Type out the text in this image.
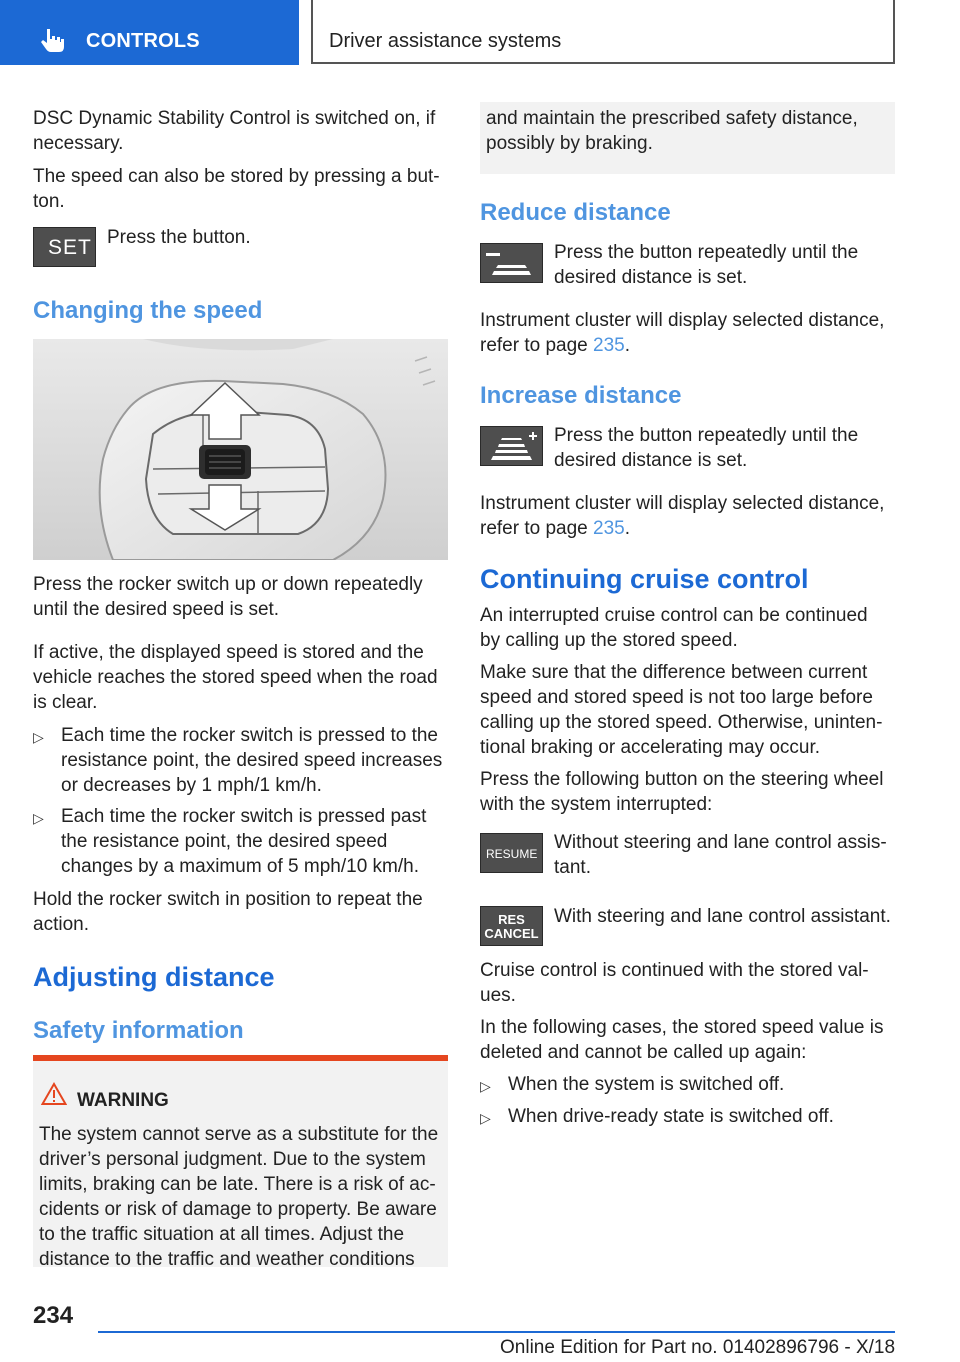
CONTROLS	Driver assistance systems

DSC Dynamic Stability Control is switched on, if necessary.

The speed can also be stored by pressing a but-

ton.

SET Press the button.

Changing the speed

Press the rocker switch up or down repeatedly

until the desired speed is set.

If active, the displayed speed is stored and the

vehicle reaches the stored speed when the road

is clear.

▷ Each time the rocker switch is pressed to the

resistance point, the desired speed increases

or decreases by 1 mph/1 km/h.

▷ Each time the rocker switch is pressed past

the resistance point, the desired speed

changes by a maximum of 5 mph/10 km/h.

Hold the rocker switch in position to repeat the

action.

Adjusting distance
Safety information
WARNING

The system cannot serve as a substitute for the

driver’s personal judgment. Due to the system

limits, braking can be late. There is a risk of ac-

cidents or risk of damage to property. Be aware

to the traffic situation at all times. Adjust the

distance to the traffic and weather conditions

and maintain the prescribed safety distance,

possibly by braking.

Reduce distance

Press the button repeatedly until the

desired distance is set.

Instrument cluster will display selected distance,

refer to page 235.

Increase distance

Press the button repeatedly until the

desired distance is set.

Instrument cluster will display selected distance,

refer to page 235.

Continuing cruise control

An interrupted cruise control can be continued

by calling up the stored speed.

Make sure that the difference between current

speed and stored speed is not too large before

calling up the stored speed. Otherwise, uninten-

tional braking or accelerating may occur.

Press the following button on the steering wheel

with the system interrupted:

RESUME

Without steering and lane control assis-

tant.

RES
CANCEL

With steering and lane control assistant.

Cruise control is continued with the stored val-

ues.

In the following cases, the stored speed value is

deleted and cannot be called up again:

▷ When the system is switched off.

▷ When drive-ready state is switched off.

234
Online Edition for Part no. 01402896796 - X/18
